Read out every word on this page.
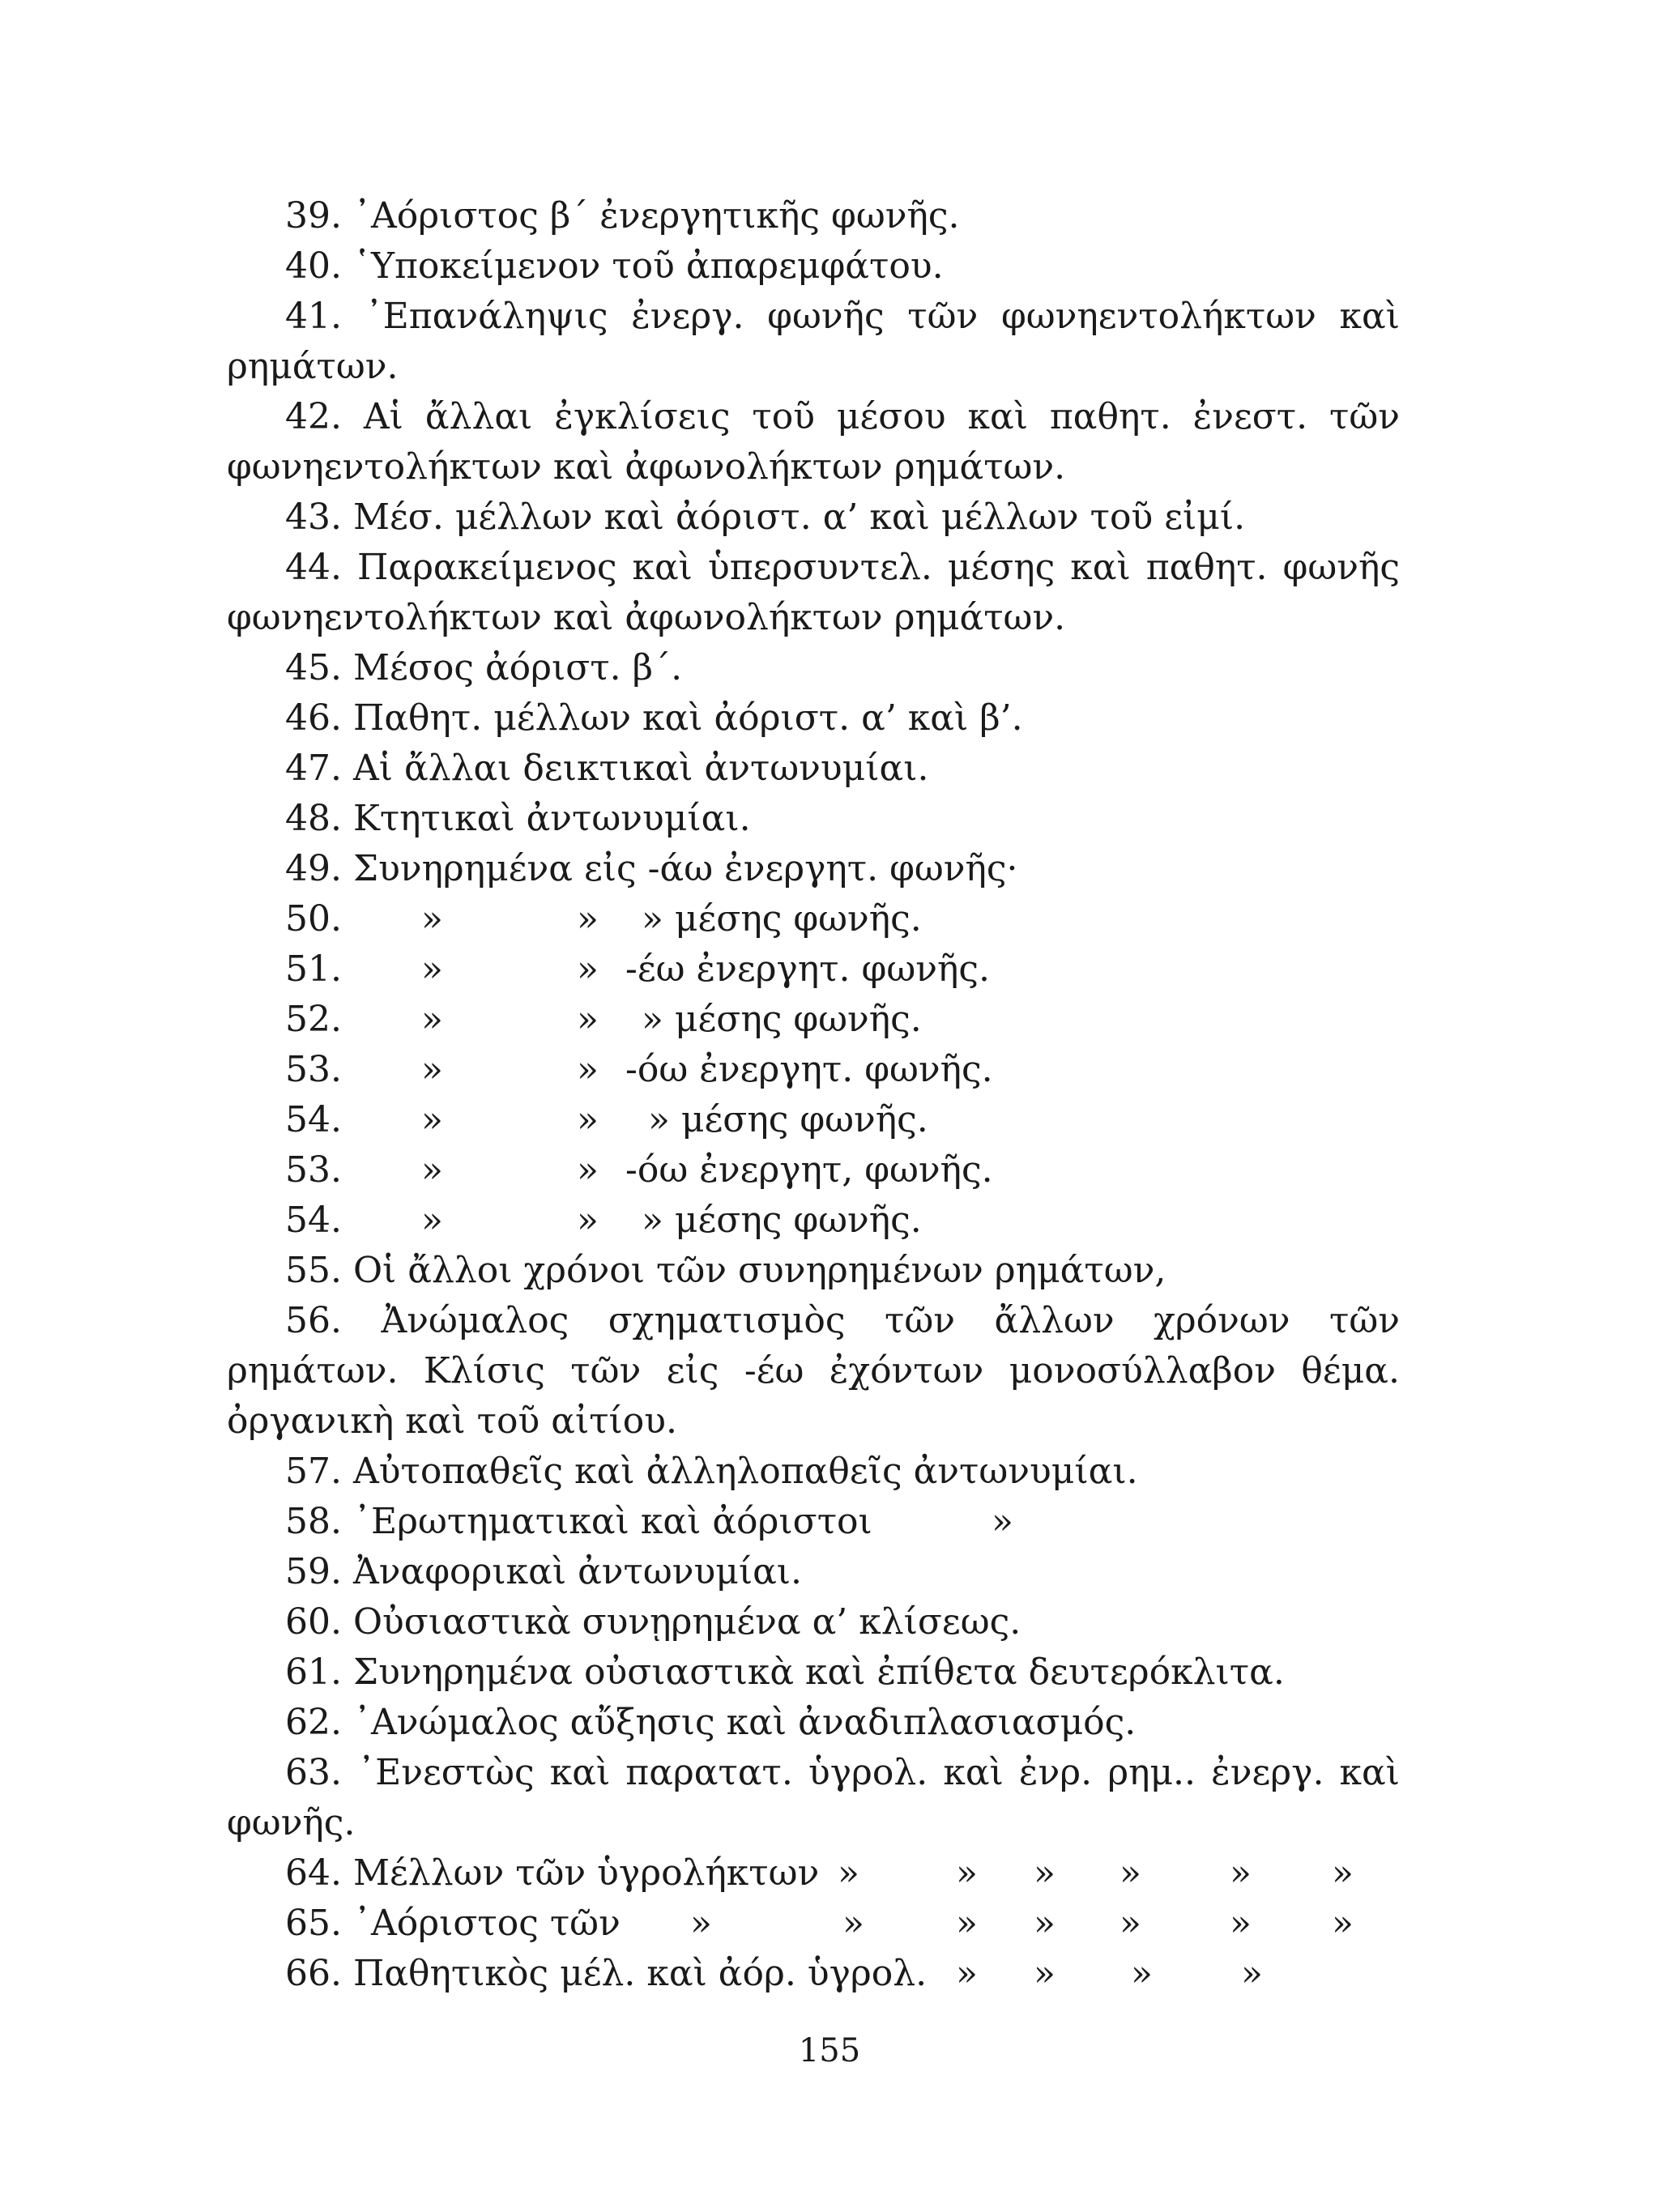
39. ᾿Αόριστος β΄ ἐνεργητικῆς φωνῆς.
40. ῾Υποκείμενον τοῦ ἀπαρεμφάτου.
41. ᾿Επανάληψις ἐνεργ. φωνῆς τῶν φωνηεντολήκτων καὶ
ρημάτων.
42. Αἱ ἄλλαι ἐγκλίσεις τοῦ μέσου καὶ παθητ. ἐνεστ. τῶν
φωνηεντολήκτων καὶ ἀφωνολήκτων ρημάτων.
43. Μέσ. μέλλων καὶ ἀόριστ. α’ καὶ μέλλων τοῦ εἰμί.
44. Παρακείμενος καὶ ὑπερσυντελ. μέσης καὶ παθητ. φωνῆς
φωνηεντολήκτων καὶ ἀφωνολήκτων ρημάτων.
45. Μέσος ἀόριστ. β΄.
46. Παθητ. μέλλων καὶ ἀόριστ. α’ καὶ β’.
47. Αἱ ἄλλαι δεικτικαὶ ἀντωνυμίαι.
48. Κτητικαὶ ἀντωνυμίαι.
49. Συνηρημένα εἰς -άω ἐνεργητ. φωνῆς·
50. »	» » μέσης φωνῆς.
51. »	» -έω ἐνεργητ. φωνῆς.
52. »	» » μέσης φωνῆς.
53. »	» -όω ἐνεργητ. φωνῆς.
54. »	» » μέσης φωνῆς.
53. »	» -όω ἐνεργητ, φωνῆς.
54. »	» » μέσης φωνῆς.
55. Οἱ ἄλλοι χρόνοι τῶν συνηρημένων ρημάτων,
56. Ἀνώμαλος σχηματισμὸς τῶν ἄλλων χρόνων τῶν
ρημάτων. Κλίσις τῶν εἰς -έω ἐχόντων μονοσύλλαβον θέμα.
ὀργανικὴ καὶ τοῦ αἰτίου.
57. Αὐτοπαθεῖς καὶ ἀλληλοπαθεῖς ἀντωνυμίαι.
58. ᾿Ερωτηματικαὶ καὶ ἀόριστοι	»
59. Ἀναφορικαὶ ἀντωνυμίαι.
60. Οὐσιαστικὰ συνῃρημένα α’ κλίσεως.
61. Συνηρημένα οὐσιαστικὰ καὶ ἐπίθετα δευτερόκλιτα.
62. ᾿Ανώμαλος αὔξησις καὶ ἀναδιπλασιασμός.
63. ᾿Ενεστὼς καὶ παρατατ. ὑγρολ. καὶ ἐνρ. ρημ.. ἐνεργ. καὶ
φωνῆς.
64. Μέλλων τῶν ὑγρολήκτων »	» » » » »
65. ᾿Αόριστος τῶν »	»	» » » » »
66. Παθητικὸς μέλ. καὶ ἀόρ. ὑγρολ. » » » »
155
